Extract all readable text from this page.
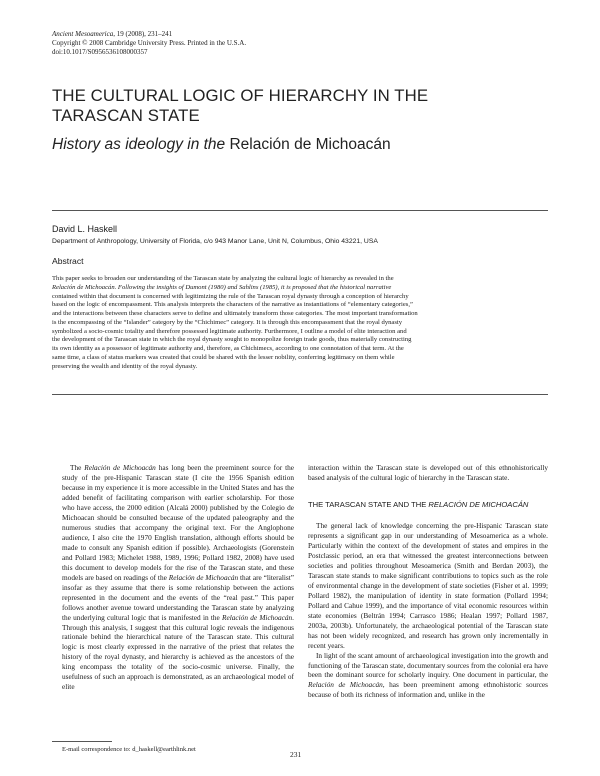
Ancient Mesoamerica, 19 (2008), 231–241
Copyright © 2008 Cambridge University Press. Printed in the U.S.A.
doi:10.1017/S0956536108000357
THE CULTURAL LOGIC OF HIERARCHY IN THE
TARASCAN STATE
History as ideology in the Relación de Michoacán
David L. Haskell
Department of Anthropology, University of Florida, c/o 943 Manor Lane, Unit N, Columbus, Ohio 43221, USA
Abstract
This paper seeks to broaden our understanding of the Tarascan state by analyzing the cultural logic of hierarchy as revealed in the
Relación de Michoacán. Following the insights of Dumont (1980) and Sahlins (1985), it is proposed that the historical narrative
contained within that document is concerned with legitimizing the rule of the Tarascan royal dynasty through a conception of hierarchy
based on the logic of encompassment. This analysis interprets the characters of the narrative as instantiations of “elementary categories,”
and the interactions between these characters serve to define and ultimately transform those categories. The most important transformation
is the encompassing of the “Islander” category by the “Chichimec” category. It is through this encompassment that the royal dynasty
symbolized a socio-cosmic totality and therefore possessed legitimate authority. Furthermore, I outline a model of elite interaction and
the development of the Tarascan state in which the royal dynasty sought to monopolize foreign trade goods, thus materially constructing
its own identity as a possessor of legitimate authority and, therefore, as Chichimecs, according to one connotation of that term. At the
same time, a class of status markers was created that could be shared with the lesser nobility, conferring legitimacy on them while
preserving the wealth and identity of the royal dynasty.

The Relación de Michoacán has long been the preeminent source for the study of the pre-Hispanic Tarascan state (I cite the 1956 Spanish edition because in my experience it is more accessible in the United States and has the added benefit of facilitating comparison with earlier scholarship. For those who have access, the 2000 edition (Alcalá 2000) published by the Colegio de Michoacan should be consulted because of the updated paleography and the numerous studies that accompany the original text. For the Anglophone audience, I also cite the 1970 English translation, although efforts should be made to consult any Spanish edition if possible). Archaeologists (Gorenstein and Pollard 1983; Michelet 1988, 1989, 1996; Pollard 1982, 2008) have used this document to develop models for the rise of the Tarascan state, and these models are based on readings of the Relación de Michoacán that are “literalist” insofar as they assume that there is some relationship between the actions represented in the document and the events of the “real past.” This paper follows another avenue toward understanding the Tarascan state by analyzing the underlying cultural logic that is manifested in the Relación de Michoacán. Through this analysis, I suggest that this cultural logic reveals the indigenous rationale behind the hierarchical nature of the Tarascan state. This cultural logic is most clearly expressed in the narrative of the priest that relates the history of the royal dynasty, and hierarchy is achieved as the ancestors of the king encompass the totality of the socio-cosmic universe. Finally, the usefulness of such an approach is demonstrated, as an archaeological model of elite

interaction within the Tarascan state is developed out of this ethnohistorically based analysis of the cultural logic of hierarchy in the Tarascan state.

THE TARASCAN STATE AND THE RELACIÓN DE MICHOACÁN

The general lack of knowledge concerning the pre-Hispanic Tarascan state represents a significant gap in our understanding of Mesoamerica as a whole. Particularly within the context of the development of states and empires in the Postclassic period, an era that witnessed the greatest interconnections between societies and polities throughout Mesoamerica (Smith and Berdan 2003), the Tarascan state stands to make significant contributions to topics such as the role of environmental change in the development of state societies (Fisher et al. 1999; Pollard 1982), the manipulation of identity in state formation (Pollard 1994; Pollard and Cahue 1999), and the importance of vital economic resources within state economies (Beltrán 1994; Carrasco 1986; Healan 1997; Pollard 1987, 2003a, 2003b). Unfortunately, the archaeological potential of the Tarascan state has not been widely recognized, and research has grown only incrementally in recent years.

In light of the scant amount of archaeological investigation into the growth and functioning of the Tarascan state, documentary sources from the colonial era have been the dominant source for scholarly inquiry. One document in particular, the Relación de Michoacán, has been preeminent among ethnohistoric sources because of both its richness of information and, unlike in the

E-mail correspondence to: d_haskell@earthlink.net
231
